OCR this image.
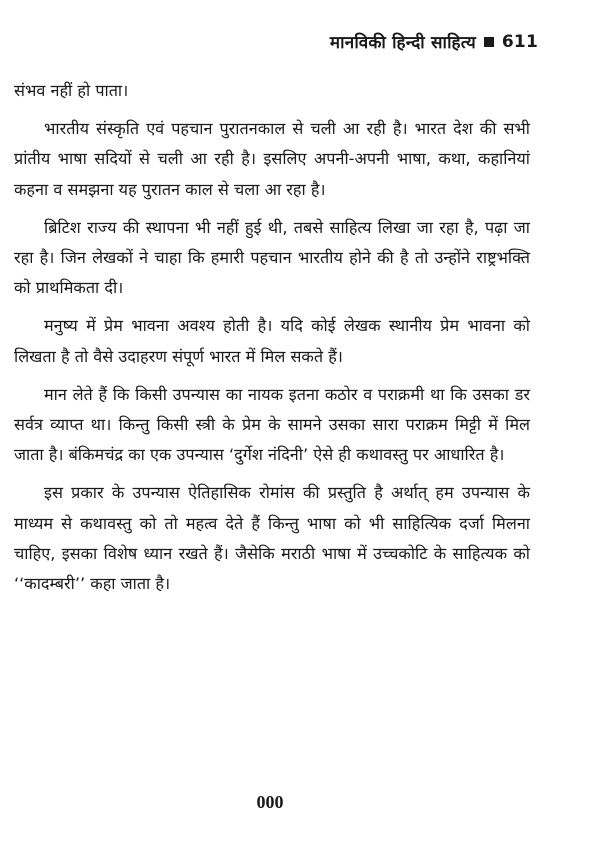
मानविकी हिन्दी साहित्य 611

संभव नहीं हो पाता।

भारतीय संस्कृति एवं पहचान पुरातनकाल से चली आ रही है। भारत देश की सभी प्रांतीय भाषा सदियों से चली आ रही है। इसलिए अपनी-अपनी भाषा, कथा, कहानियां कहना व समझना यह पुरातन काल से चला आ रहा है।

ब्रिटिश राज्य की स्थापना भी नहीं हुई थी, तबसे साहित्य लिखा जा रहा है, पढ़ा जा रहा है। जिन लेखकों ने चाहा कि हमारी पहचान भारतीय होने की है तो उन्होंने राष्ट्रभक्ति को प्राथमिकता दी।

मनुष्य में प्रेम भावना अवश्य होती है। यदि कोई लेखक स्थानीय प्रेम भावना को लिखता है तो वैसे उदाहरण संपूर्ण भारत में मिल सकते हैं।

मान लेते हैं कि किसी उपन्यास का नायक इतना कठोर व पराक्रमी था कि उसका डर सर्वत्र व्याप्त था। किन्तु किसी स्त्री के प्रेम के सामने उसका सारा पराक्रम मिट्टी में मिल जाता है। बंकिमचंद्र का एक उपन्यास ‘दुर्गेश नंदिनी’ ऐसे ही कथावस्तु पर आधारित है।

इस प्रकार के उपन्यास ऐतिहासिक रोमांस की प्रस्तुति है अर्थात् हम उपन्यास के माध्यम से कथावस्तु को तो महत्व देते हैं किन्तु भाषा को भी साहित्यिक दर्जा मिलना चाहिए, इसका विशेष ध्यान रखते हैं। जैसेकि मराठी भाषा में उच्चकोटि के साहित्यक को ‘‘कादम्बरी’’ कहा जाता है।

000
